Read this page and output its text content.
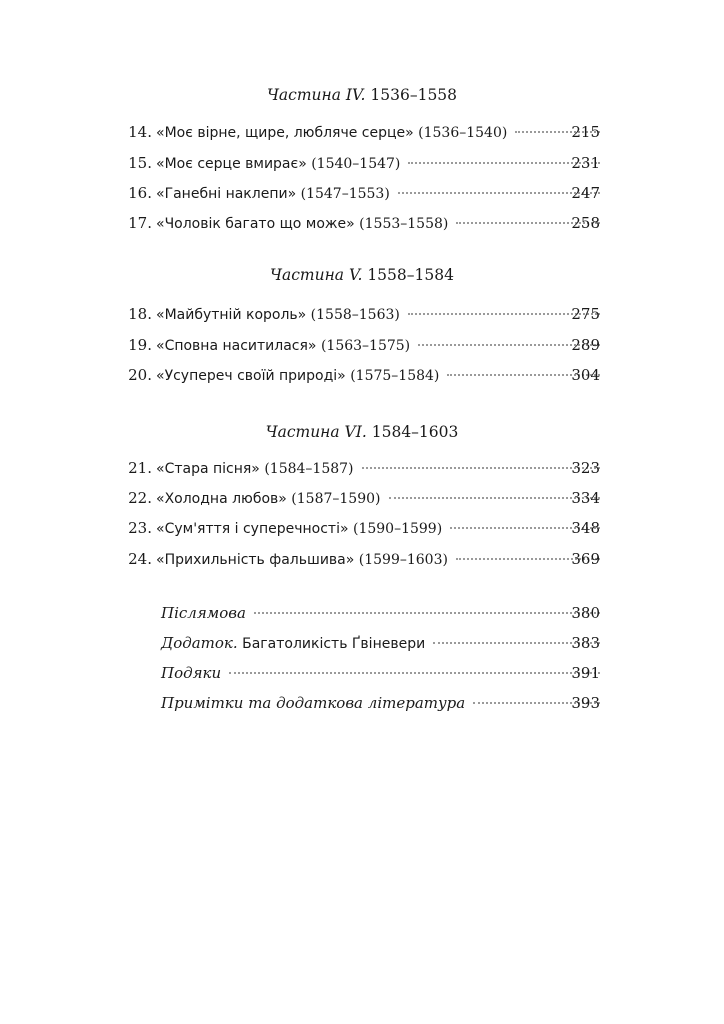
Частина IV. 1536–1558
14. «Моє вірне, щире, любляче серце» (1536–1540)	215
15. «Моє серце вмирає» (1540–1547)	231
16. «Ганебні наклепи» (1547–1553)	247
17. «Чоловік багато що може» (1553–1558)	258
Частина V. 1558–1584
18. «Майбутній король» (1558–1563)	275
19. «Сповна наситилася» (1563–1575)	289
20. «Усупереч своїй природі» (1575–1584)	304
Частина VI. 1584–1603
21. «Стара пісня» (1584–1587)	323
22. «Холодна любов» (1587–1590)	334
23. «Сум'яття і суперечності» (1590–1599)	348
24. «Прихильність фальшива» (1599–1603)	369
Післямова	380
Додаток. Багатоликість Ґвіневери	383
Подяки	391
Примітки та додаткова література	393
